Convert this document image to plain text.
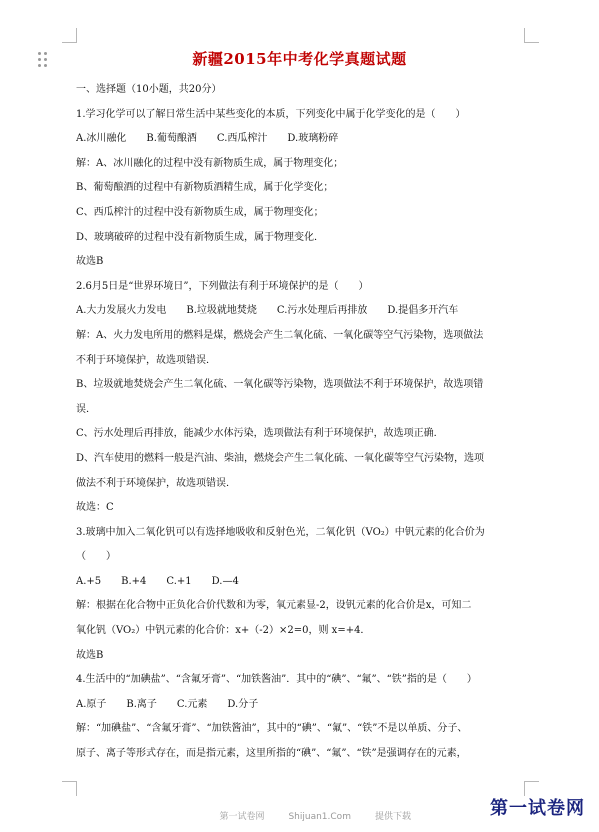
新疆2015年中考化学真题试题

一、选择题（10小题，共20分）

1.学习化学可以了解日常生活中某些变化的本质，下列变化中属于化学变化的是（　　）

A.冰川融化　　B.葡萄酿酒　　C.西瓜榨汁　　D.玻璃粉碎

解：A、冰川融化的过程中没有新物质生成，属于物理变化；

B、葡萄酿酒的过程中有新物质酒精生成，属于化学变化；

C、西瓜榨汁的过程中没有新物质生成，属于物理变化；

D、玻璃破碎的过程中没有新物质生成，属于物理变化．

故选B

2.6月5日是“世界环境日”，下列做法有利于环境保护的是（　　）

A.大力发展火力发电　　B.垃圾就地焚烧　　C.污水处理后再排放　　D.提倡多开汽车

解：A、火力发电所用的燃料是煤，燃烧会产生二氧化硫、一氧化碳等空气污染物，选项做法

不利于环境保护，故选项错误．

B、垃圾就地焚烧会产生二氧化硫、一氧化碳等污染物，选项做法不利于环境保护，故选项错

误．

C、污水处理后再排放，能减少水体污染，选项做法有利于环境保护，故选项正确．

D、汽车使用的燃料一般是汽油、柴油，燃烧会产生二氧化硫、一氧化碳等空气污染物，选项

做法不利于环境保护，故选项错误．

故选：C

3.玻璃中加入二氧化钒可以有选择地吸收和反射色光，二氧化钒（VO₂）中钒元素的化合价为

（　　）

A.+5　　B.+4　　C.+1　　D.—4

解：根据在化合物中正负化合价代数和为零，氧元素显-2，设钒元素的化合价是x，可知二

氧化钒（VO₂）中钒元素的化合价：x+（-2）×2=0，则 x=+4．

故选B

4.生活中的“加碘盐”、“含氟牙膏”、“加铁酱油”．其中的“碘”、“氟”、“铁”指的是（　　）

A.原子　　B.离子　　C.元素　　D.分子

解：“加碘盐”、“含氟牙膏”、“加铁酱油”，其中的“碘”、“氟”、“铁”不是以单质、分子、

原子、离子等形式存在，而是指元素，这里所指的“碘”、“氟”、“铁”是强调存在的元素，

第一试卷网	Shijuan1.Com	提供下载
	第一试卷网
